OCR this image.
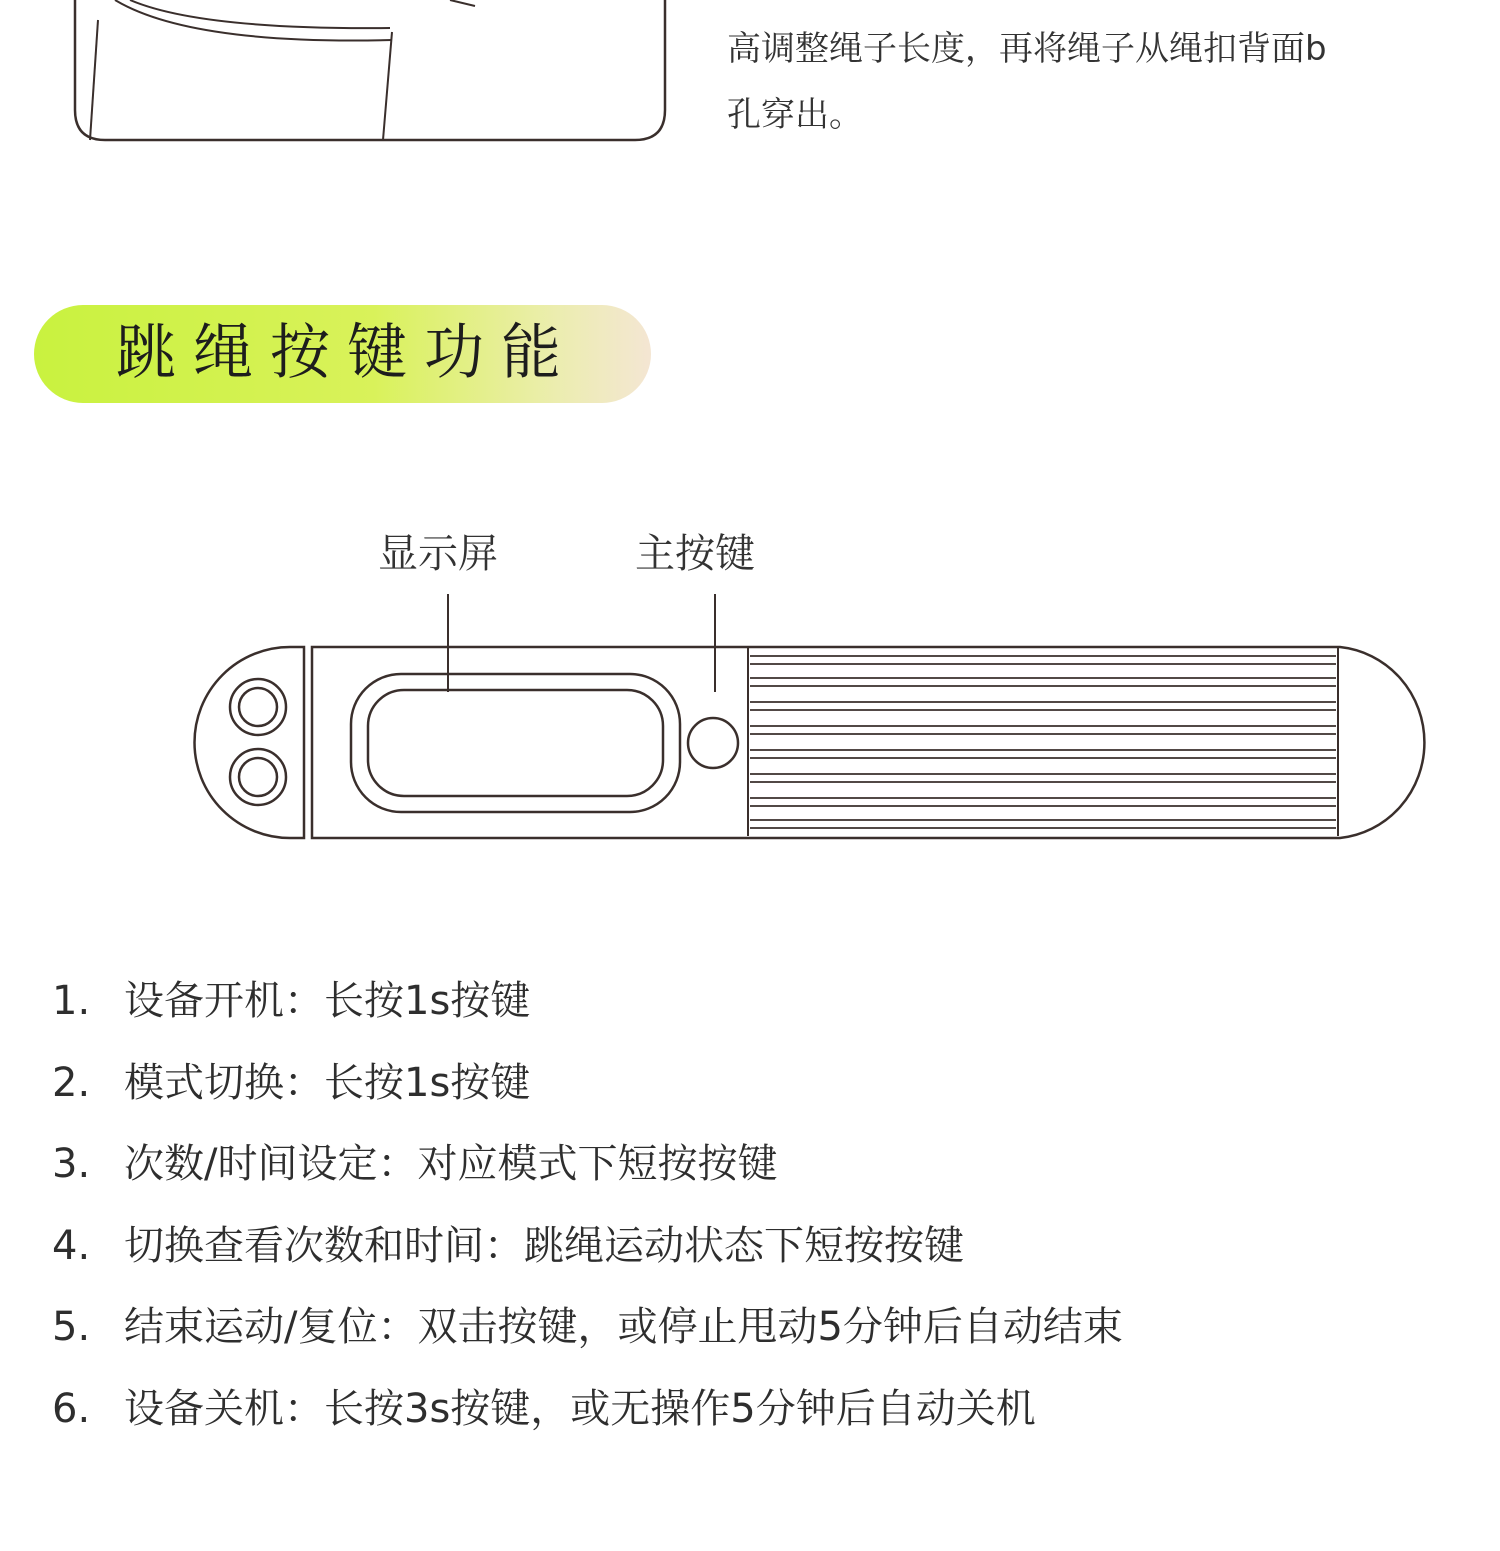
高调整绳子长度，再将绳子从绳扣背面b
孔穿出。
跳绳按键功能
显示屏	主按键
1. 设备开机：长按1s按键
2. 模式切换：长按1s按键
3. 次数/时间设定：对应模式下短按按键
4. 切换查看次数和时间：跳绳运动状态下短按按键
5. 结束运动/复位：双击按键，或停止甩动5分钟后自动结束
6. 设备关机：长按3s按键，或无操作5分钟后自动关机
